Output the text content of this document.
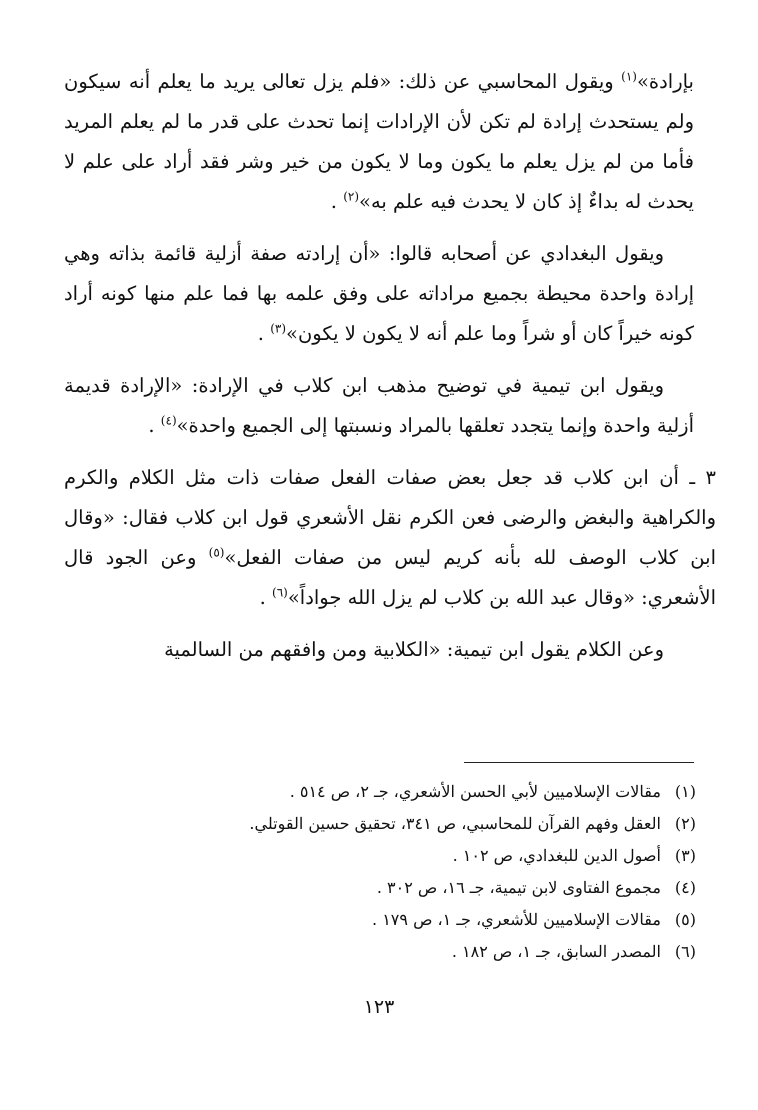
بإرادة»$^{(١)}$ ويقول المحاسبي عن ذلك: «فلم يزل تعالى يريد ما يعلم أنه سيكون ولم يستحدث إرادة لم تكن لأن الإرادات إنما تحدث على قدر ما لم يعلم المريد فأما من لم يزل يعلم ما يكون وما لا يكون من خير وشر فقد أراد على علم لا يحدث له بداءٌ إذ كان لا يحدث فيه علم به»$^{(٢)}$ .

ويقول البغدادي عن أصحابه قالوا: «أن إرادته صفة أزلية قائمة بذاته وهي إرادة واحدة محيطة بجميع مراداته على وفق علمه بها فما علم منها كونه أراد كونه خيراً كان أو شراً وما علم أنه لا يكون لا يكون»$^{(٣)}$ .

ويقول ابن تيمية في توضيح مذهب ابن كلاب في الإرادة: «الإرادة قديمة أزلية واحدة وإنما يتجدد تعلقها بالمراد ونسبتها إلى الجميع واحدة»$^{(٤)}$ .

٣ ـ أن ابن كلاب قد جعل بعض صفات الفعل صفات ذات مثل الكلام والكرم والكراهية والبغض والرضى فعن الكرم نقل الأشعري قول ابن كلاب فقال: «وقال ابن كلاب الوصف لله بأنه كريم ليس من صفات الفعل»$^{(٥)}$ وعن الجود قال الأشعري: «وقال عبد الله بن كلاب لم يزل الله جواداً»$^{(٦)}$ .

وعن الكلام يقول ابن تيمية: «الكلابية ومن وافقهم من السالمية

(١) مقالات الإسلاميين لأبي الحسن الأشعري، جـ ٢، ص ٥١٤ .
(٢) العقل وفهم القرآن للمحاسبي، ص ٣٤١، تحقيق حسين القوتلي.
(٣) أصول الدين للبغدادي، ص ١٠٢ .
(٤) مجموع الفتاوى لابن تيمية، جـ ١٦، ص ٣٠٢ .
(٥) مقالات الإسلاميين للأشعري، جـ ١، ص ١٧٩ .
(٦) المصدر السابق، جـ ١، ص ١٨٢ .
١٢٣
